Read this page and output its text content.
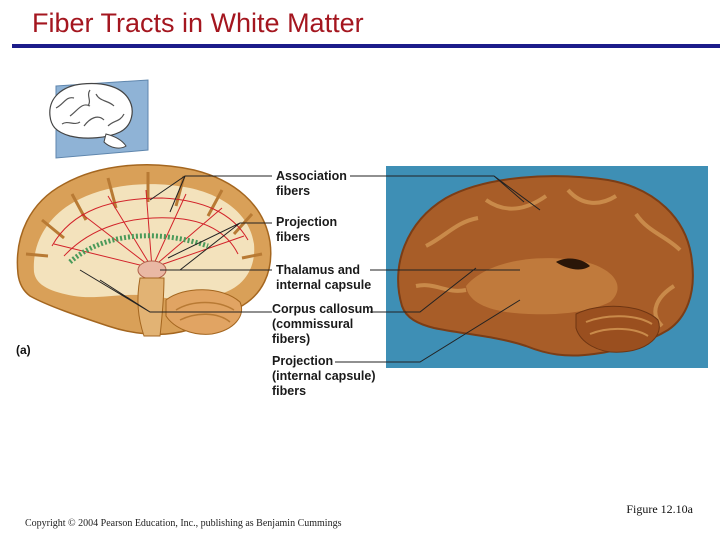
Fiber Tracts in White Matter
Association
fibers
Projection
fibers
Thalamus and
internal capsule
Corpus callosum
(commissural
fibers)
Projection
(internal capsule)
fibers
(a)
Figure 12.10a
Copyright © 2004 Pearson Education, Inc., publishing as Benjamin Cummings
